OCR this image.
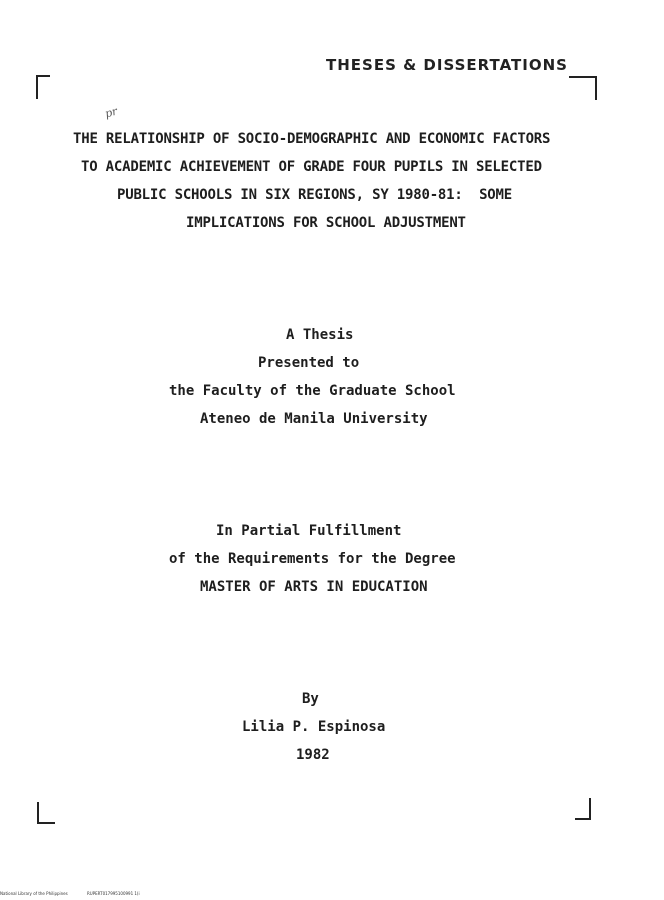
THESES & DISSERTATIONS
pr
THE RELATIONSHIP OF SOCIO-DEMOGRAPHIC AND ECONOMIC FACTORS
TO ACADEMIC ACHIEVEMENT OF GRADE FOUR PUPILS IN SELECTED
PUBLIC SCHOOLS IN SIX REGIONS, SY 1980-81:  SOME
IMPLICATIONS FOR SCHOOL ADJUSTMENT
A Thesis
Presented to
the Faculty of the Graduate School
Ateneo de Manila University
In Partial Fulfillment
of the Requirements for the Degree
MASTER OF ARTS IN EDUCATION
By
Lilia P. Espinosa
1982
National Library of the Philippines	RUPERT017995100991 1(i
